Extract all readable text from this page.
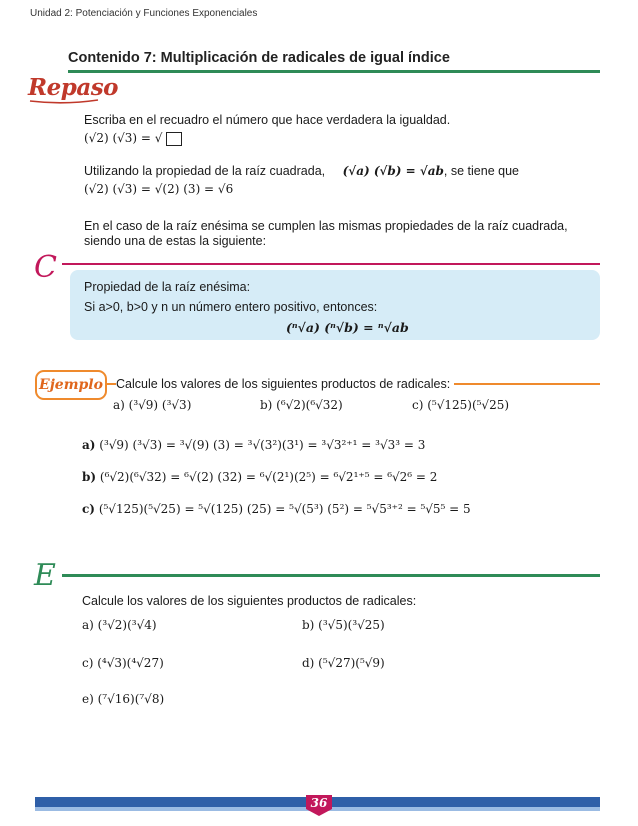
Unidad 2: Potenciación y Funciones Exponenciales
Contenido 7: Multiplicación de radicales de igual índice
Repaso
Escriba en el recuadro el número que hace verdadera la igualdad.
(√2) (√3) = √
Utilizando la propiedad de la raíz cuadrada, (√a) (√b) = √ab, se tiene que
(√2) (√3) = √(2) (3) = √6
En el caso de la raíz enésima se cumplen las mismas propiedades de la raíz cuadrada,
siendo una de estas la siguiente:
C
Propiedad de la raíz enésima:
Si a>0, b>0 y n un número entero positivo, entonces:
(ⁿ√a) (ⁿ√b) = ⁿ√ab
Ejemplo	Calcule los valores de los siguientes productos de radicales:
a) (³√9) (³√3)	b) (⁶√2)(⁶√32)	c) (⁵√125)(⁵√25)
a) (³√9) (³√3) = ³√(9) (3) = ³√(3²)(3¹) = ³√3²⁺¹ = ³√3³ = 3
b) (⁶√2)(⁶√32) = ⁶√(2) (32) = ⁶√(2¹)(2⁵) = ⁶√2¹⁺⁵ = ⁶√2⁶ = 2
c) (⁵√125)(⁵√25) = ⁵√(125) (25) = ⁵√(5³) (5²) = ⁵√5³⁺² = ⁵√5⁵ = 5
E
Calcule los valores de los siguientes productos de radicales:
a) (³√2)(³√4)	b) (³√5)(³√25)
c) (⁴√3)(⁴√27)	d) (⁵√27)(⁵√9)
e) (⁷√16)(⁷√8)
36
